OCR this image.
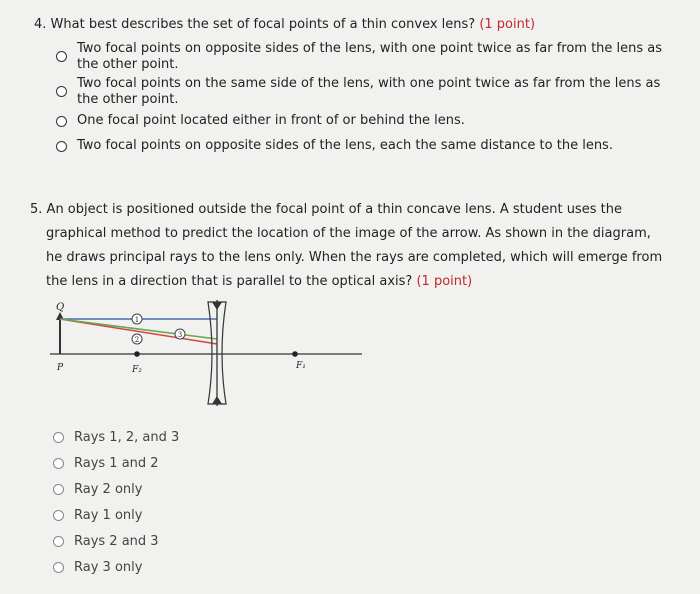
4. What best describes the set of focal points of a thin convex lens? (1 point)
Two focal points on opposite sides of the lens, with one point twice as far from the lens as
the other point.
Two focal points on the same side of the lens, with one point twice as far from the lens as
the other point.
One focal point located either in front of or behind the lens.
Two focal points on opposite sides of the lens, each the same distance to the lens.
5. An object is positioned outside the focal point of a thin concave lens. A student uses the
graphical method to predict the location of the image of the arrow. As shown in the diagram,
he draws principal rays to the lens only. When the rays are completed, which will emerge from
the lens in a direction that is parallel to the optical axis? (1 point)
1
2
3
Q
P	F₂	F₁
Rays 1, 2, and 3
Rays 1 and 2
Ray 2 only
Ray 1 only
Rays 2 and 3
Ray 3 only
